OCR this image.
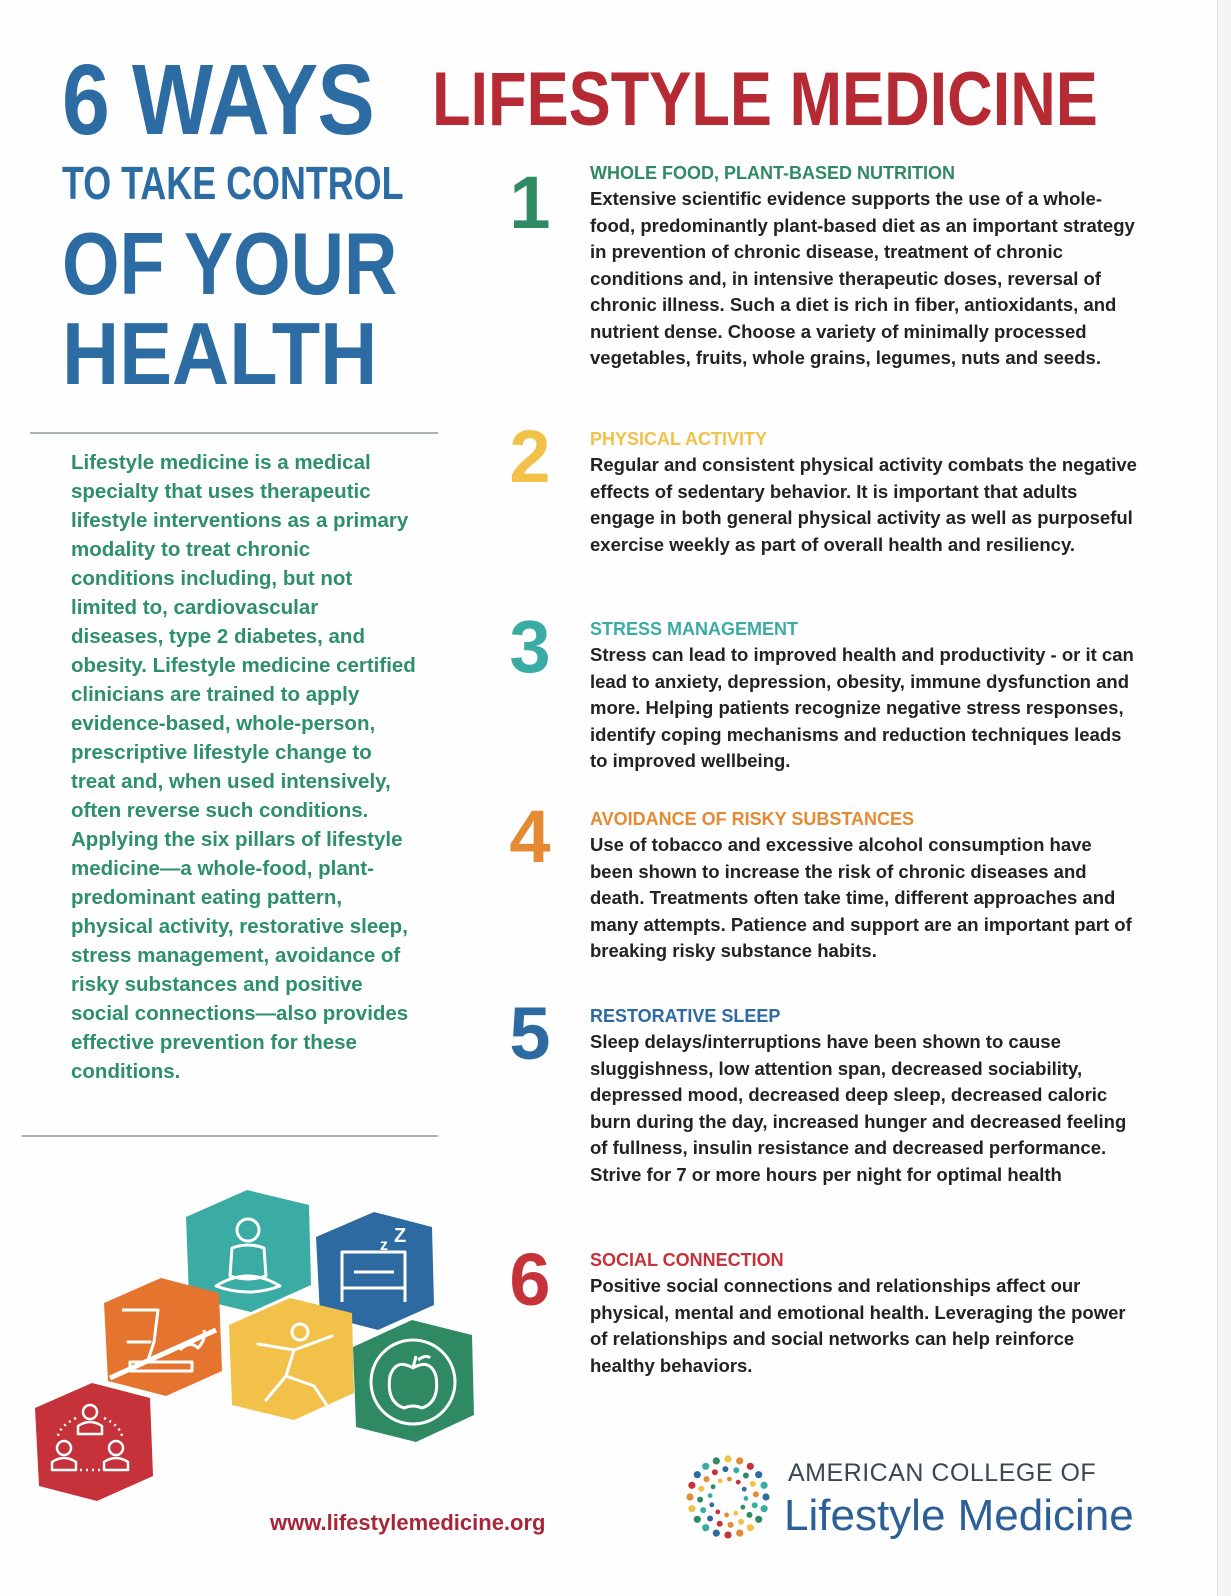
6 WAYS LIFESTYLE MEDICINE
TO TAKE CONTROL
OF YOUR
HEALTH
Lifestyle medicine is a medical specialty that uses therapeutic lifestyle interventions as a primary modality to treat chronic conditions including, but not limited to, cardiovascular diseases, type 2 diabetes, and obesity. Lifestyle medicine certified clinicians are trained to apply evidence-based, whole-person, prescriptive lifestyle change to treat and, when used intensively, often reverse such conditions. Applying the six pillars of lifestyle medicine—a whole-food, plant-predominant eating pattern, physical activity, restorative sleep, stress management, avoidance of risky substances and positive social connections—also provides effective prevention for these conditions.
1	WHOLE FOOD, PLANT-BASED NUTRITION
Extensive scientific evidence supports the use of a whole-food, predominantly plant-based diet as an important strategy in prevention of chronic disease, treatment of chronic conditions and, in intensive therapeutic doses, reversal of chronic illness. Such a diet is rich in fiber, antioxidants, and nutrient dense. Choose a variety of minimally processed vegetables, fruits, whole grains, legumes, nuts and seeds.
2	PHYSICAL ACTIVITY
Regular and consistent physical activity combats the negative effects of sedentary behavior. It is important that adults engage in both general physical activity as well as purposeful exercise weekly as part of overall health and resiliency.
3	STRESS MANAGEMENT
Stress can lead to improved health and productivity - or it can lead to anxiety, depression, obesity, immune dysfunction and more. Helping patients recognize negative stress responses, identify coping mechanisms and reduction techniques leads to improved wellbeing.
4	AVOIDANCE OF RISKY SUBSTANCES
Use of tobacco and excessive alcohol consumption have been shown to increase the risk of chronic diseases and death. Treatments often take time, different approaches and many attempts. Patience and support are an important part of breaking risky substance habits.
5	RESTORATIVE SLEEP
Sleep delays/interruptions have been shown to cause sluggishness, low attention span, decreased sociability, depressed mood, decreased deep sleep, decreased caloric burn during the day, increased hunger and decreased feeling of fullness, insulin resistance and decreased performance. Strive for 7 or more hours per night for optimal health
6	SOCIAL CONNECTION
Positive social connections and relationships affect our physical, mental and emotional health. Leveraging the power of relationships and social networks can help reinforce healthy behaviors.
z Z
www.lifestylemedicine.org
AMERICAN COLLEGE OF
Lifestyle Medicine
